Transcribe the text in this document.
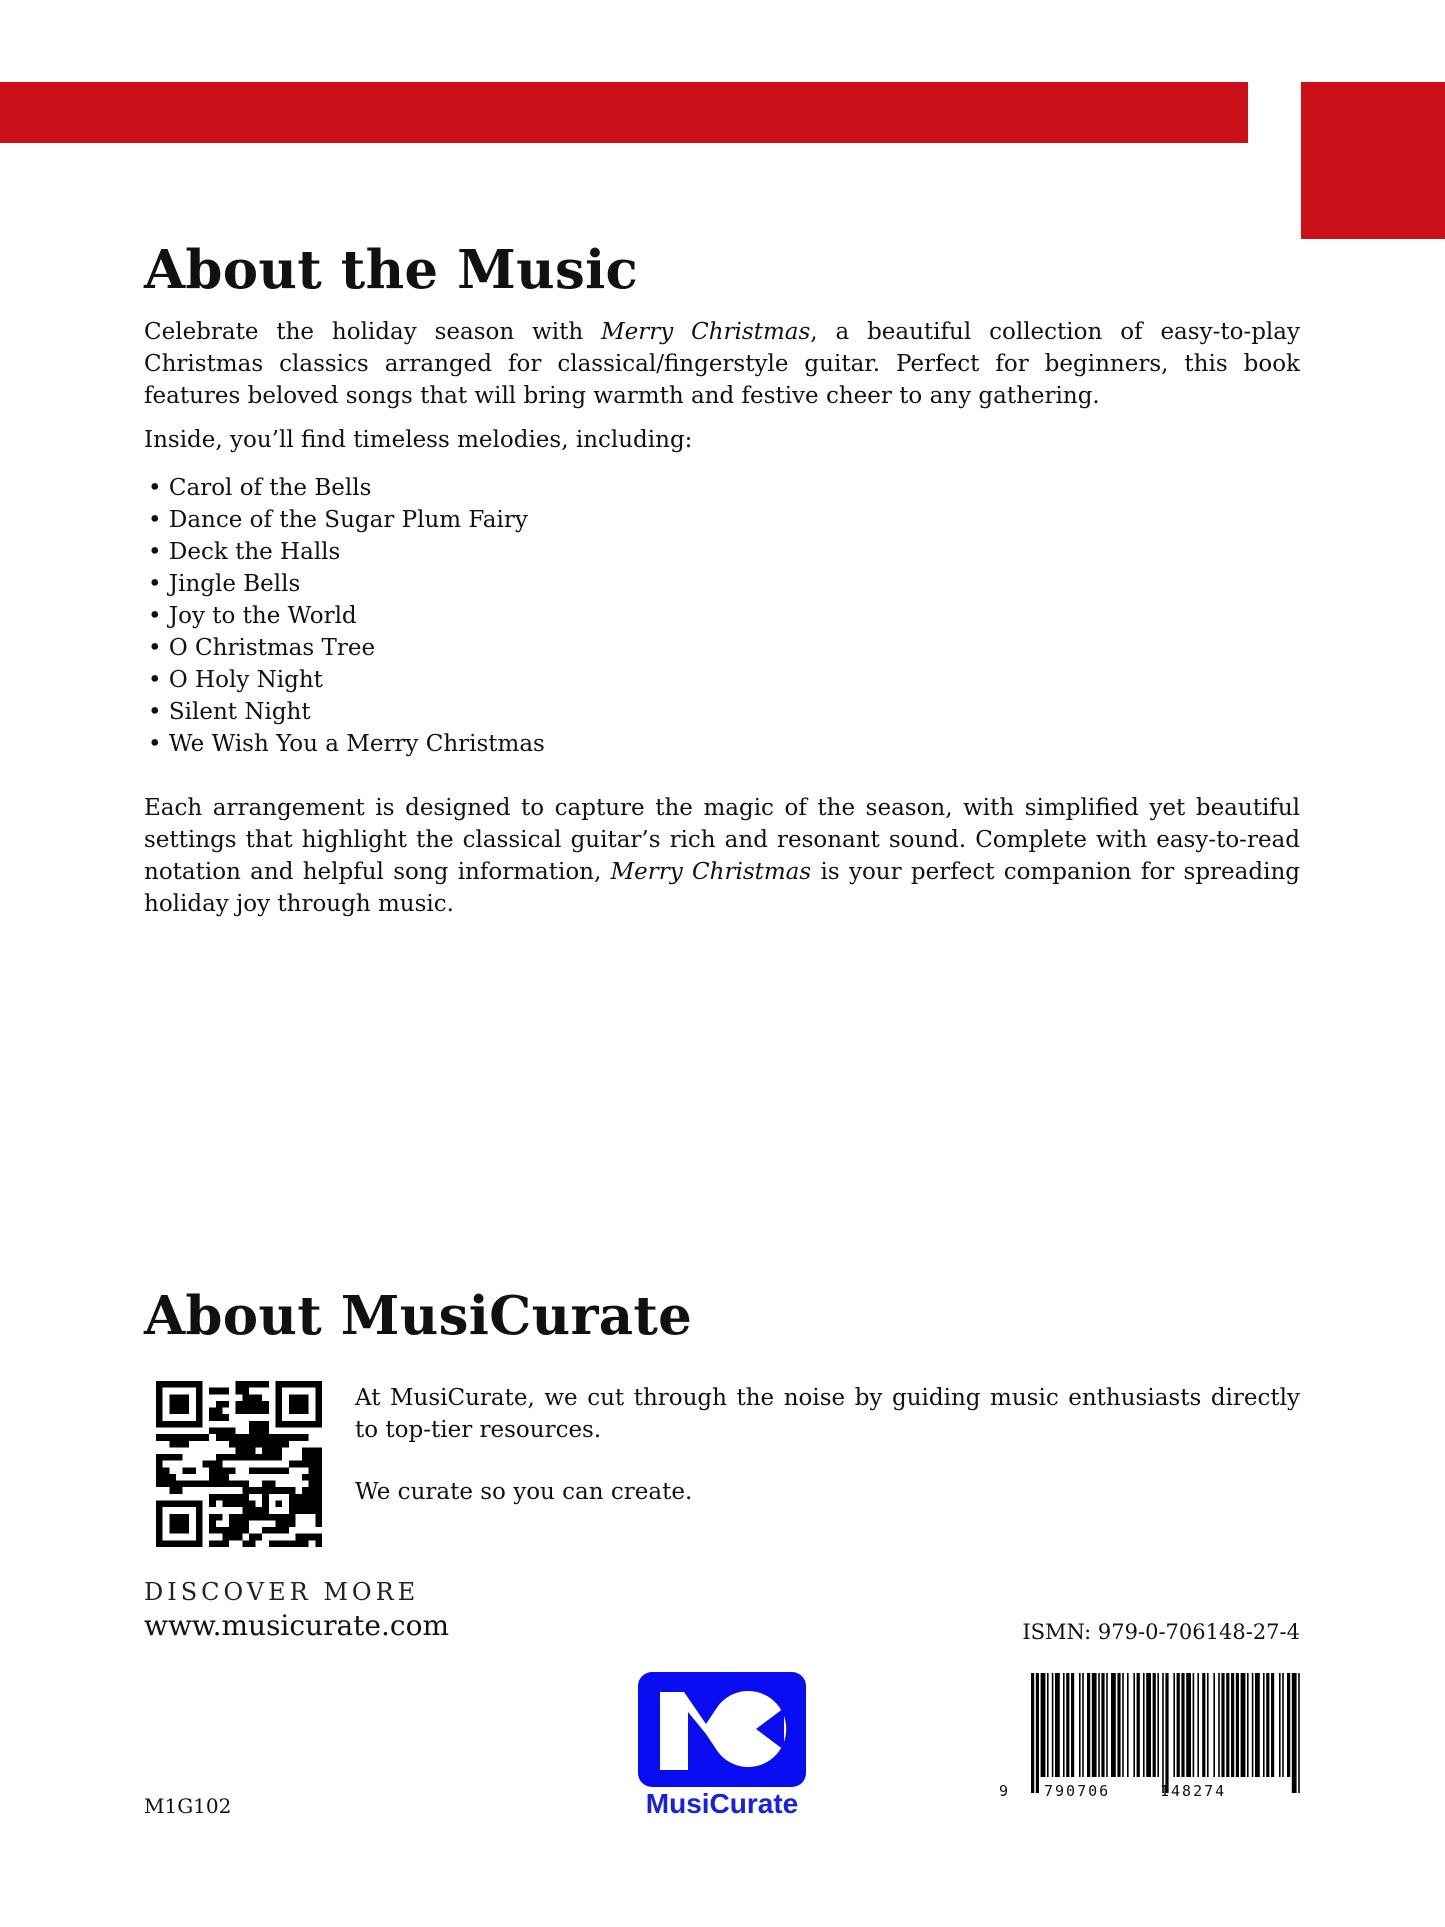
About the Music

Celebrate the holiday season with Merry Christmas, a beautiful collection of easy-to-play Christmas classics arranged for classical/fingerstyle guitar. Perfect for beginners, this book features beloved songs that will bring warmth and festive cheer to any gathering.

Inside, you’ll find timeless melodies, including:

• Carol of the Bells
• Dance of the Sugar Plum Fairy
• Deck the Halls
• Jingle Bells
• Joy to the World
• O Christmas Tree
• O Holy Night
• Silent Night
• We Wish You a Merry Christmas

Each arrangement is designed to capture the magic of the season, with simplified yet beautiful settings that highlight the classical guitar’s rich and resonant sound. Complete with easy-to-read notation and helpful song information, Merry Christmas is your perfect companion for spreading holiday joy through music.

About MusiCurate

At MusiCurate, we cut through the noise by guiding music enthusiasts directly to top-tier resources.

We curate so you can create.

DISCOVER MORE
www.musicurate.com	ISMN: 979-0-706148-27-4
9 790706	148274
MusiCurate
M1G102
